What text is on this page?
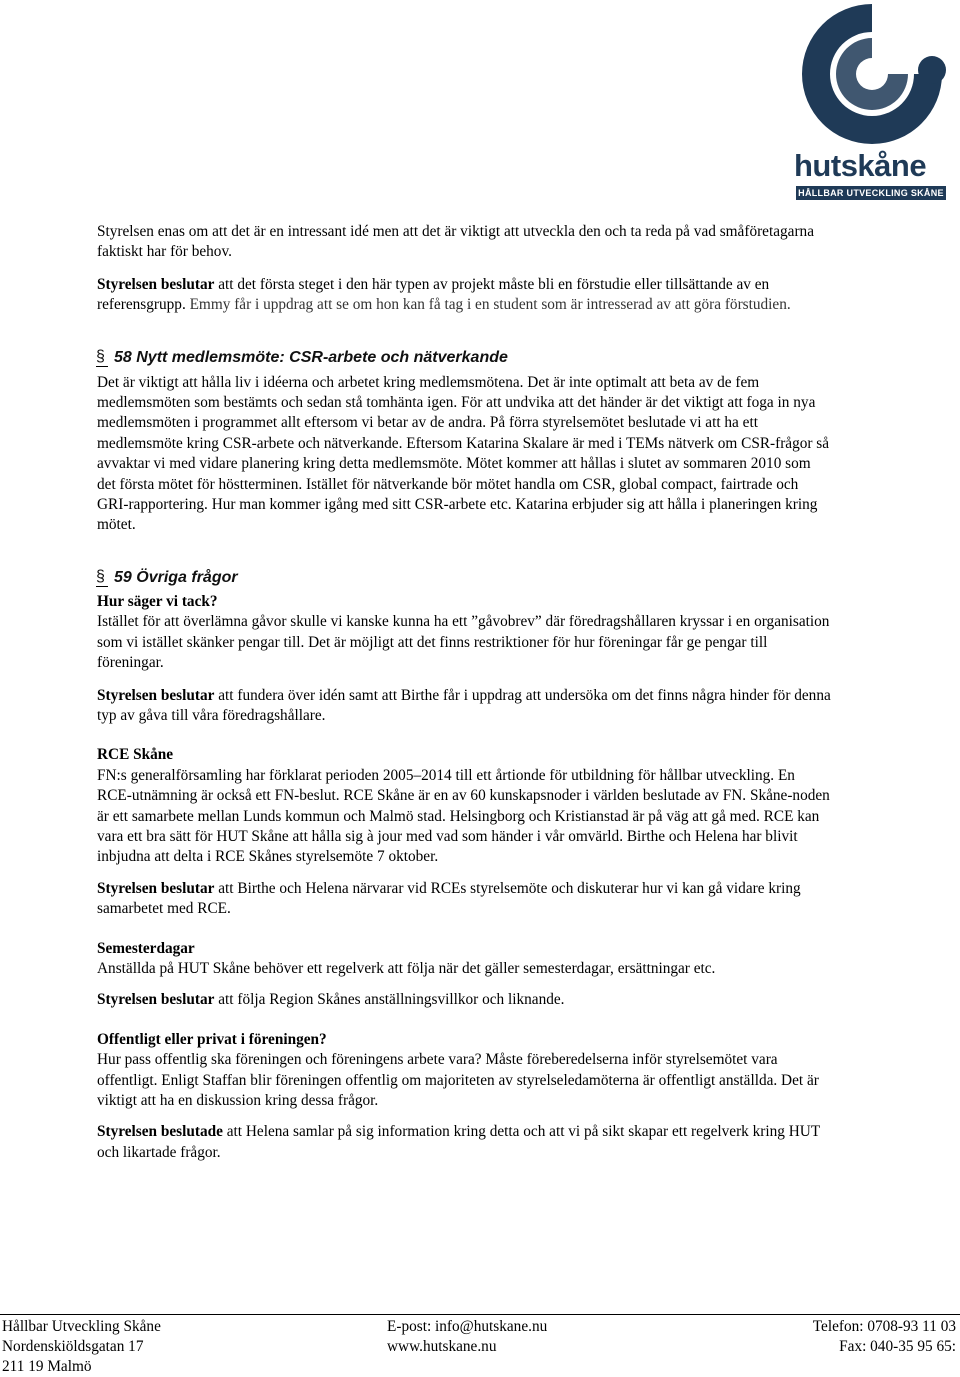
hutskåne
HÅLLBAR UTVECKLING SKÅNE

Styrelsen enas om att det är en intressant idé men att det är viktigt att utveckla den och ta reda på vad småföretagarna faktiskt har för behov.

Styrelsen beslutar att det första steget i den här typen av projekt måste bli en förstudie eller tillsättande av en referensgrupp. Emmy får i uppdrag att se om hon kan få tag i en student som är intresserad av att göra förstudien.

§ 58 Nytt medlemsmöte: CSR-arbete och nätverkande

Det är viktigt att hålla liv i idéerna och arbetet kring medlemsmötena. Det är inte optimalt att beta av de fem medlemsmöten som bestämts och sedan stå tomhänta igen. För att undvika att det händer är det viktigt att foga in nya medlemsmöten i programmet allt eftersom vi betar av de andra. På förra styrelsemötet beslutade vi att ha ett medlemsmöte kring CSR-arbete och nätverkande. Eftersom Katarina Skalare är med i TEMs nätverk om CSR-frågor så avvaktar vi med vidare planering kring detta medlemsmöte. Mötet kommer att hållas i slutet av sommaren 2010 som det första mötet för höstterminen. Istället för nätverkande bör mötet handla om CSR, global compact, fairtrade och GRI-rapportering. Hur man kommer igång med sitt CSR-arbete etc. Katarina erbjuder sig att hålla i planeringen kring mötet.

§ 59 Övriga frågor

Hur säger vi tack?

Istället för att överlämna gåvor skulle vi kanske kunna ha ett ”gåvobrev” där föredragshållaren kryssar i en organisation som vi istället skänker pengar till. Det är möjligt att det finns restriktioner för hur föreningar får ge pengar till föreningar.

Styrelsen beslutar att fundera över idén samt att Birthe får i uppdrag att undersöka om det finns några hinder för denna typ av gåva till våra föredragshållare.

RCE Skåne

FN:s generalförsamling har förklarat perioden 2005–2014 till ett årtionde för utbildning för hållbar utveckling. En RCE-utnämning är också ett FN-beslut. RCE Skåne är en av 60 kunskapsnoder i världen beslutade av FN. Skåne-noden är ett samarbete mellan Lunds kommun och Malmö stad. Helsingborg och Kristianstad är på väg att gå med. RCE kan vara ett bra sätt för HUT Skåne att hålla sig à jour med vad som händer i vår omvärld. Birthe och Helena har blivit inbjudna att delta i RCE Skånes styrelsemöte 7 oktober.

Styrelsen beslutar att Birthe och Helena närvarar vid RCEs styrelsemöte och diskuterar hur vi kan gå vidare kring samarbetet med RCE.

Semesterdagar

Anställda på HUT Skåne behöver ett regelverk att följa när det gäller semesterdagar, ersättningar etc.

Styrelsen beslutar att följa Region Skånes anställningsvillkor och liknande.

Offentligt eller privat i föreningen?

Hur pass offentlig ska föreningen och föreningens arbete vara? Måste föreberedelserna inför styrelsemötet vara offentligt. Enligt Staffan blir föreningen offentlig om majoriteten av styrelseledamöterna är offentligt anställda. Det är viktigt att ha en diskussion kring dessa frågor.

Styrelsen beslutade att Helena samlar på sig information kring detta och att vi på sikt skapar ett regelverk kring HUT och likartade frågor.

Hållbar Utveckling Skåne
Nordenskiöldsgatan 17
211 19 Malmö
E-post: info@hutskane.nu
www.hutskane.nu
Telefon: 0708-93 11 03
Fax: 040-35 95 65:
